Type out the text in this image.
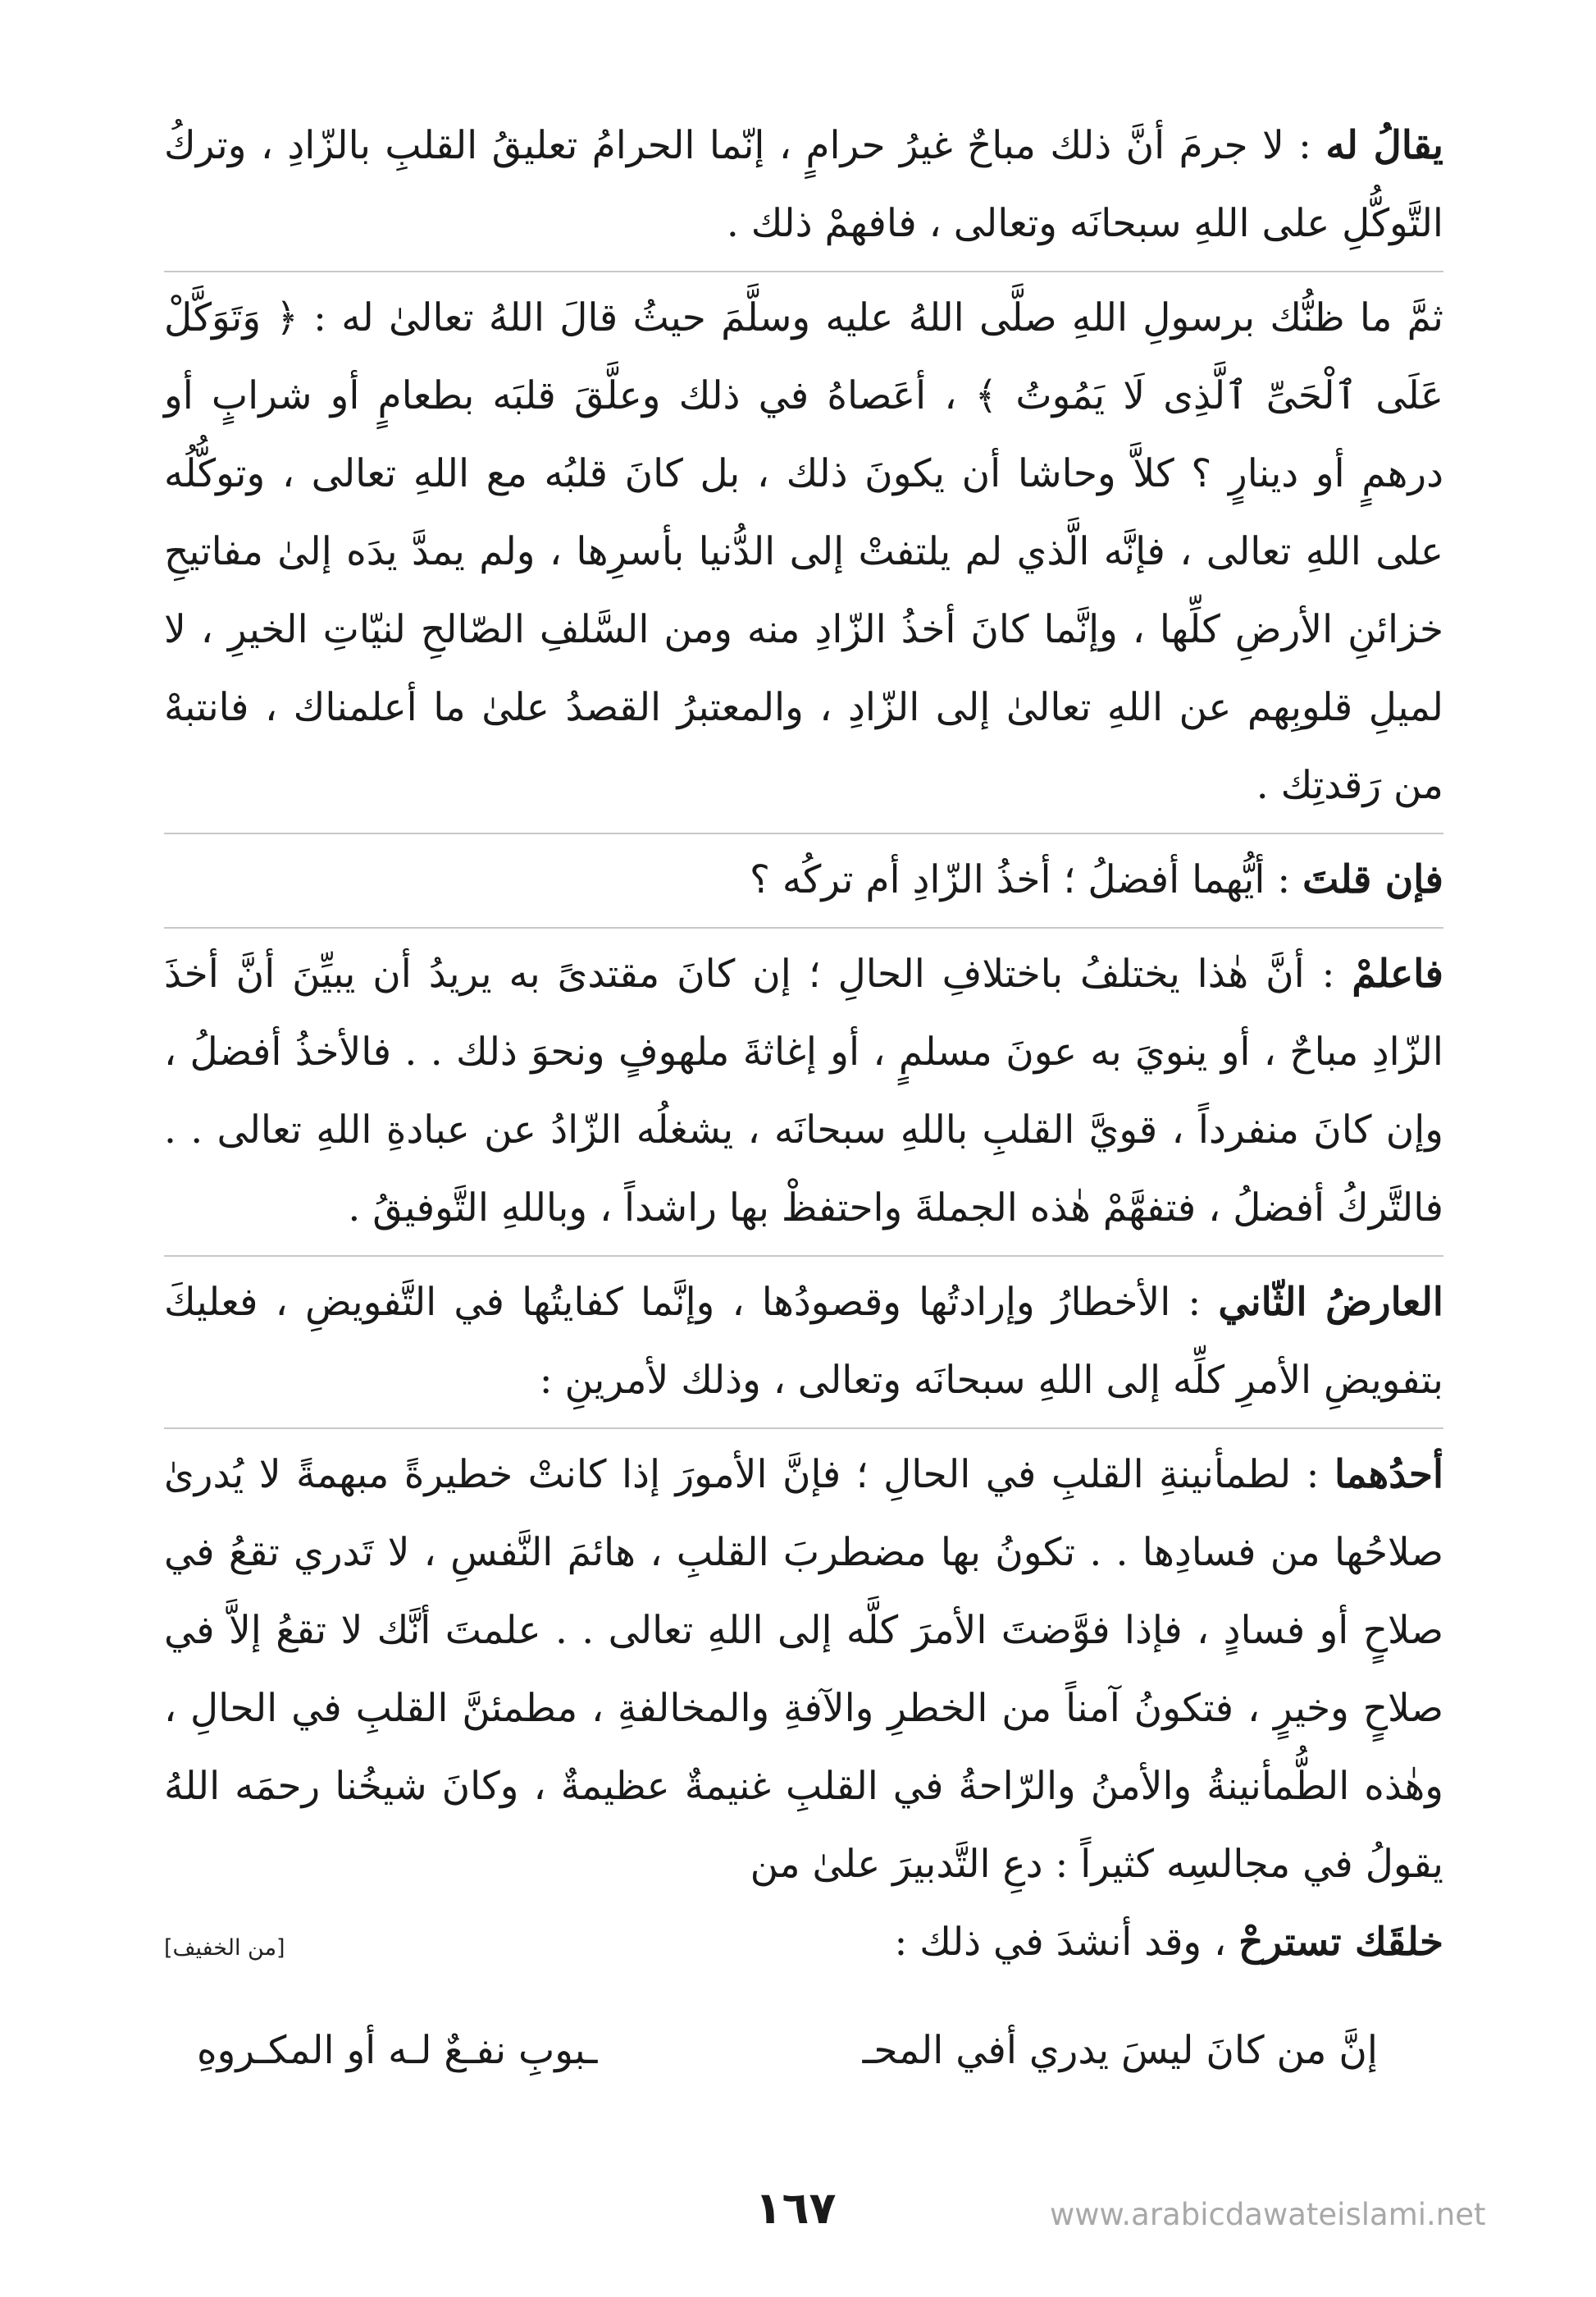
يقالُ له : لا جرمَ أنَّ ذلك مباحٌ غيرُ حرامٍ ، إنّما الحرامُ تعليقُ القلبِ بالزّادِ ، وتركُ التَّوكُّلِ على اللهِ سبحانَه وتعالى ، فافهمْ ذلك .

ثمَّ ما ظنُّك برسولِ اللهِ صلَّى اللهُ عليه وسلَّمَ حيثُ قالَ اللهُ تعالىٰ له : ﴿ وَتَوَكَّلْ عَلَى ٱلْحَىِّ ٱلَّذِى لَا يَمُوتُ ﴾ ، أعَصاهُ في ذلك وعلَّقَ قلبَه بطعامٍ أو شرابٍ أو درهمٍ أو دينارٍ ؟ كلاَّ وحاشا أن يكونَ ذلك ، بل كانَ قلبُه مع اللهِ تعالى ، وتوكُّلُه على اللهِ تعالى ، فإنَّه الَّذي لم يلتفتْ إلى الدُّنيا بأسرِها ، ولم يمدَّ يدَه إلىٰ مفاتيحِ خزائنِ الأرضِ كلِّها ، وإنَّما كانَ أخذُ الزّادِ منه ومن السَّلفِ الصّالحِ لنيّاتِ الخيرِ ، لا لميلِ قلوبِهم عن اللهِ تعالىٰ إلى الزّادِ ، والمعتبرُ القصدُ علىٰ ما أعلمناك ، فانتبهْ من رَقدتِك .

فإن قلتَ : أيُّهما أفضلُ ؛ أخذُ الزّادِ أم تركُه ؟

فاعلمْ : أنَّ هٰذا يختلفُ باختلافِ الحالِ ؛ إن كانَ مقتدىً به يريدُ أن يبيِّنَ أنَّ أخذَ الزّادِ مباحٌ ، أو ينويَ به عونَ مسلمٍ ، أو إغاثةَ ملهوفٍ ونحوَ ذلك . . فالأخذُ أفضلُ ، وإن كانَ منفرداً ، قويَّ القلبِ باللهِ سبحانَه ، يشغلُه الزّادُ عن عبادةِ اللهِ تعالى . . فالتَّركُ أفضلُ ، فتفهَّمْ هٰذه الجملةَ واحتفظْ بها راشداً ، وباللهِ التَّوفيقُ .

العارضُ الثّاني : الأخطارُ وإرادتُها وقصودُها ، وإنَّما كفايتُها في التَّفويضِ ، فعليكَ بتفويضِ الأمرِ كلِّه إلى اللهِ سبحانَه وتعالى ، وذلك لأمرينِ :

أحدُهما : لطمأنينةِ القلبِ في الحالِ ؛ فإنَّ الأمورَ إذا كانتْ خطيرةً مبهمةً لا يُدرىٰ صلاحُها من فسادِها . . تكونُ بها مضطربَ القلبِ ، هائمَ النَّفسِ ، لا تَدري تقعُ في صلاحٍ أو فسادٍ ، فإذا فوَّضتَ الأمرَ كلَّه إلى اللهِ تعالى . . علمتَ أنَّك لا تقعُ إلاَّ في صلاحٍ وخيرٍ ، فتكونُ آمناً من الخطرِ والآفةِ والمخالفةِ ، مطمئنَّ القلبِ في الحالِ ، وهٰذه الطُّمأنينةُ والأمنُ والرّاحةُ في القلبِ غنيمةٌ عظيمةٌ ، وكانَ شيخُنا رحمَه اللهُ يقولُ في مجالسِه كثيراً : دعِ التَّدبيرَ علىٰ من

خلقَك تسترحْ ، وقد أنشدَ في ذلك :
[من الخفيف]
إنَّ من كانَ ليسَ يدري أفي المحـ
ـبوبِ نفـعٌ لـه أو المكـروهِ
١٦٧	www.arabicdawateislami.net
